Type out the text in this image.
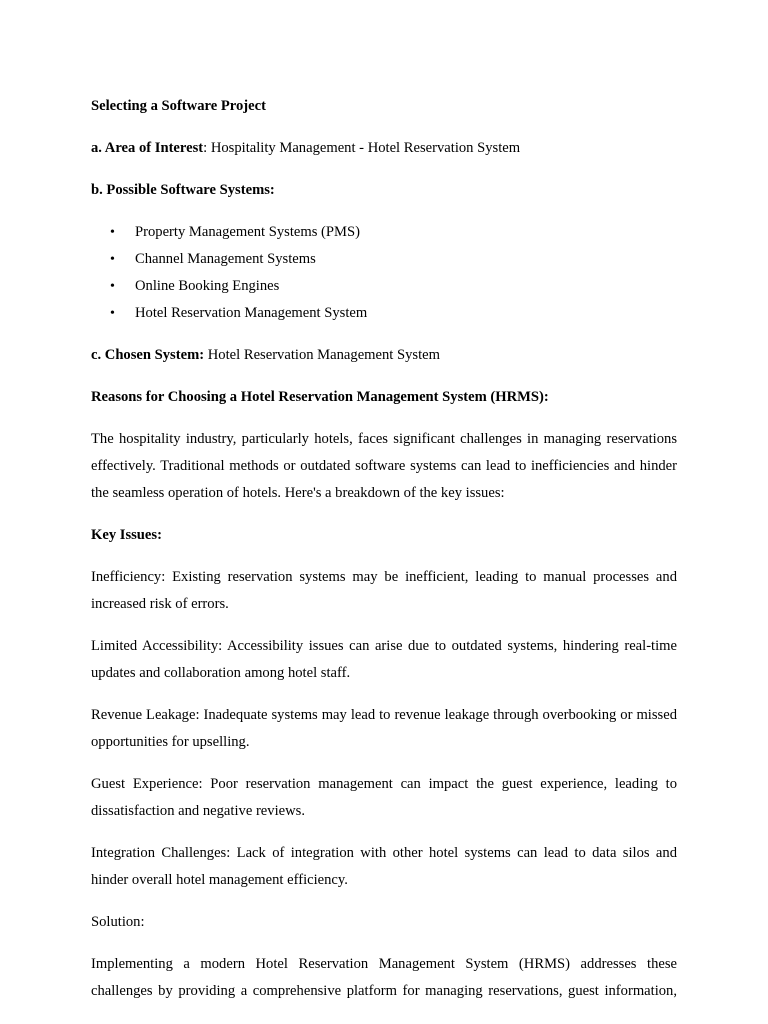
Selecting a Software Project

a. Area of Interest: Hospitality Management - Hotel Reservation System

b. Possible Software Systems:

• Property Management Systems (PMS)
• Channel Management Systems
• Online Booking Engines
• Hotel Reservation Management System

c. Chosen System: Hotel Reservation Management System

Reasons for Choosing a Hotel Reservation Management System (HRMS):

The hospitality industry, particularly hotels, faces significant challenges in managing reservations effectively. Traditional methods or outdated software systems can lead to inefficiencies and hinder the seamless operation of hotels. Here's a breakdown of the key issues:

Key Issues:

Inefficiency: Existing reservation systems may be inefficient, leading to manual processes and increased risk of errors.

Limited Accessibility: Accessibility issues can arise due to outdated systems, hindering real-time updates and collaboration among hotel staff.

Revenue Leakage: Inadequate systems may lead to revenue leakage through overbooking or missed opportunities for upselling.

Guest Experience: Poor reservation management can impact the guest experience, leading to dissatisfaction and negative reviews.

Integration Challenges: Lack of integration with other hotel systems can lead to data silos and hinder overall hotel management efficiency.

Solution:

Implementing a modern Hotel Reservation Management System (HRMS) addresses these challenges by providing a comprehensive platform for managing reservations, guest information,
